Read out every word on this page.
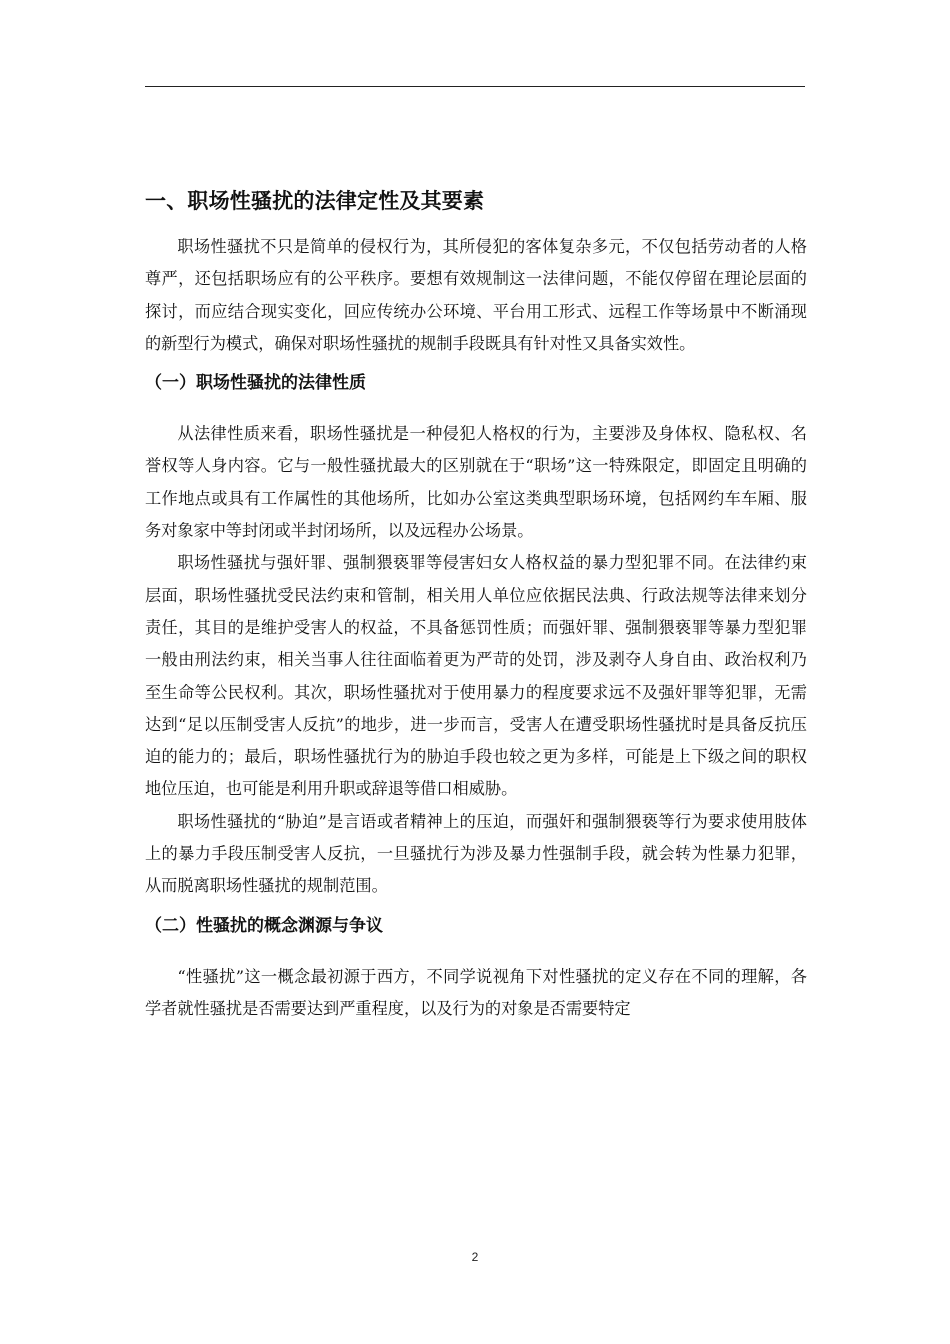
一、职场性骚扰的法律定性及其要素

职场性骚扰不只是简单的侵权行为，其所侵犯的客体复杂多元，不仅包括劳动者的人格尊严，还包括职场应有的公平秩序。要想有效规制这一法律问题，不能仅停留在理论层面的探讨，而应结合现实变化，回应传统办公环境、平台用工形式、远程工作等场景中不断涌现的新型行为模式，确保对职场性骚扰的规制手段既具有针对性又具备实效性。

（一）职场性骚扰的法律性质

从法律性质来看，职场性骚扰是一种侵犯人格权的行为，主要涉及身体权、隐私权、名誉权等人身内容。它与一般性骚扰最大的区别就在于“职场”这一特殊限定，即固定且明确的工作地点或具有工作属性的其他场所，比如办公室这类典型职场环境，包括网约车车厢、服务对象家中等封闭或半封闭场所，以及远程办公场景。

职场性骚扰与强奸罪、强制猥亵罪等侵害妇女人格权益的暴力型犯罪不同。在法律约束层面，职场性骚扰受民法约束和管制，相关用人单位应依据民法典、行政法规等法律来划分责任，其目的是维护受害人的权益，不具备惩罚性质；而强奸罪、强制猥亵罪等暴力型犯罪一般由刑法约束，相关当事人往往面临着更为严苛的处罚，涉及剥夺人身自由、政治权利乃至生命等公民权利。其次，职场性骚扰对于使用暴力的程度要求远不及强奸罪等犯罪，无需达到“足以压制受害人反抗”的地步，进一步而言，受害人在遭受职场性骚扰时是具备反抗压迫的能力的；最后，职场性骚扰行为的胁迫手段也较之更为多样，可能是上下级之间的职权地位压迫，也可能是利用升职或辞退等借口相威胁。

职场性骚扰的“胁迫”是言语或者精神上的压迫，而强奸和强制猥亵等行为要求使用肢体上的暴力手段压制受害人反抗，一旦骚扰行为涉及暴力性强制手段，就会转为性暴力犯罪，从而脱离职场性骚扰的规制范围。

（二）性骚扰的概念渊源与争议

“性骚扰”这一概念最初源于西方，不同学说视角下对性骚扰的定义存在不同的理解，各学者就性骚扰是否需要达到严重程度，以及行为的对象是否需要特定

2
